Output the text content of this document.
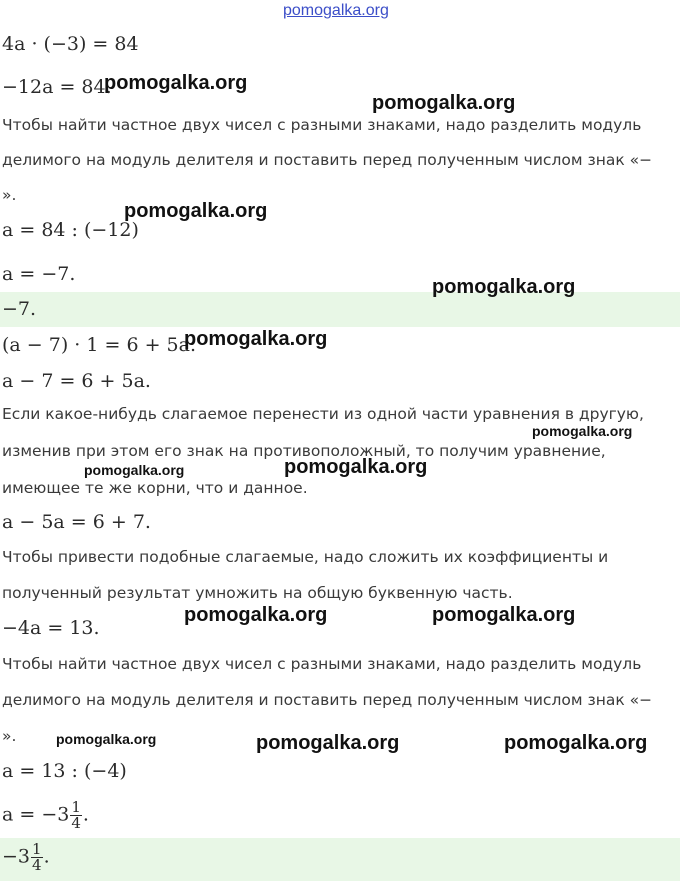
pomogalka.org
4a · (−3) = 84
−12a = 84.
Чтобы найти частное двух чисел с разными знаками, надо разделить модуль
делимого на модуль делителя и поставить перед полученным числом знак «−
».
a = 84 : (−12)
a = −7.
−7.
(a − 7) · 1 = 6 + 5a.
a − 7 = 6 + 5a.
Если какое-нибудь слагаемое перенести из одной части уравнения в другую,
изменив при этом его знак на противоположный, то получим уравнение,
имеющее те же корни, что и данное.
a − 5a = 6 + 7.
Чтобы привести подобные слагаемые, надо сложить их коэффициенты и
полученный результат умножить на общую буквенную часть.
−4a = 13.
Чтобы найти частное двух чисел с разными знаками, надо разделить модуль
делимого на модуль делителя и поставить перед полученным числом знак «−
».
a = 13 : (−4)
$a = -3 \frac{1}{4}$ .
$-3 \frac{1}{4}$ .
pomogalka.org
pomogalka.org
pomogalka.org
pomogalka.org
pomogalka.org
pomogalka.org
pomogalka.org	pomogalka.org
pomogalka.org	pomogalka.org
pomogalka.org	pomogalka.org	pomogalka.org
